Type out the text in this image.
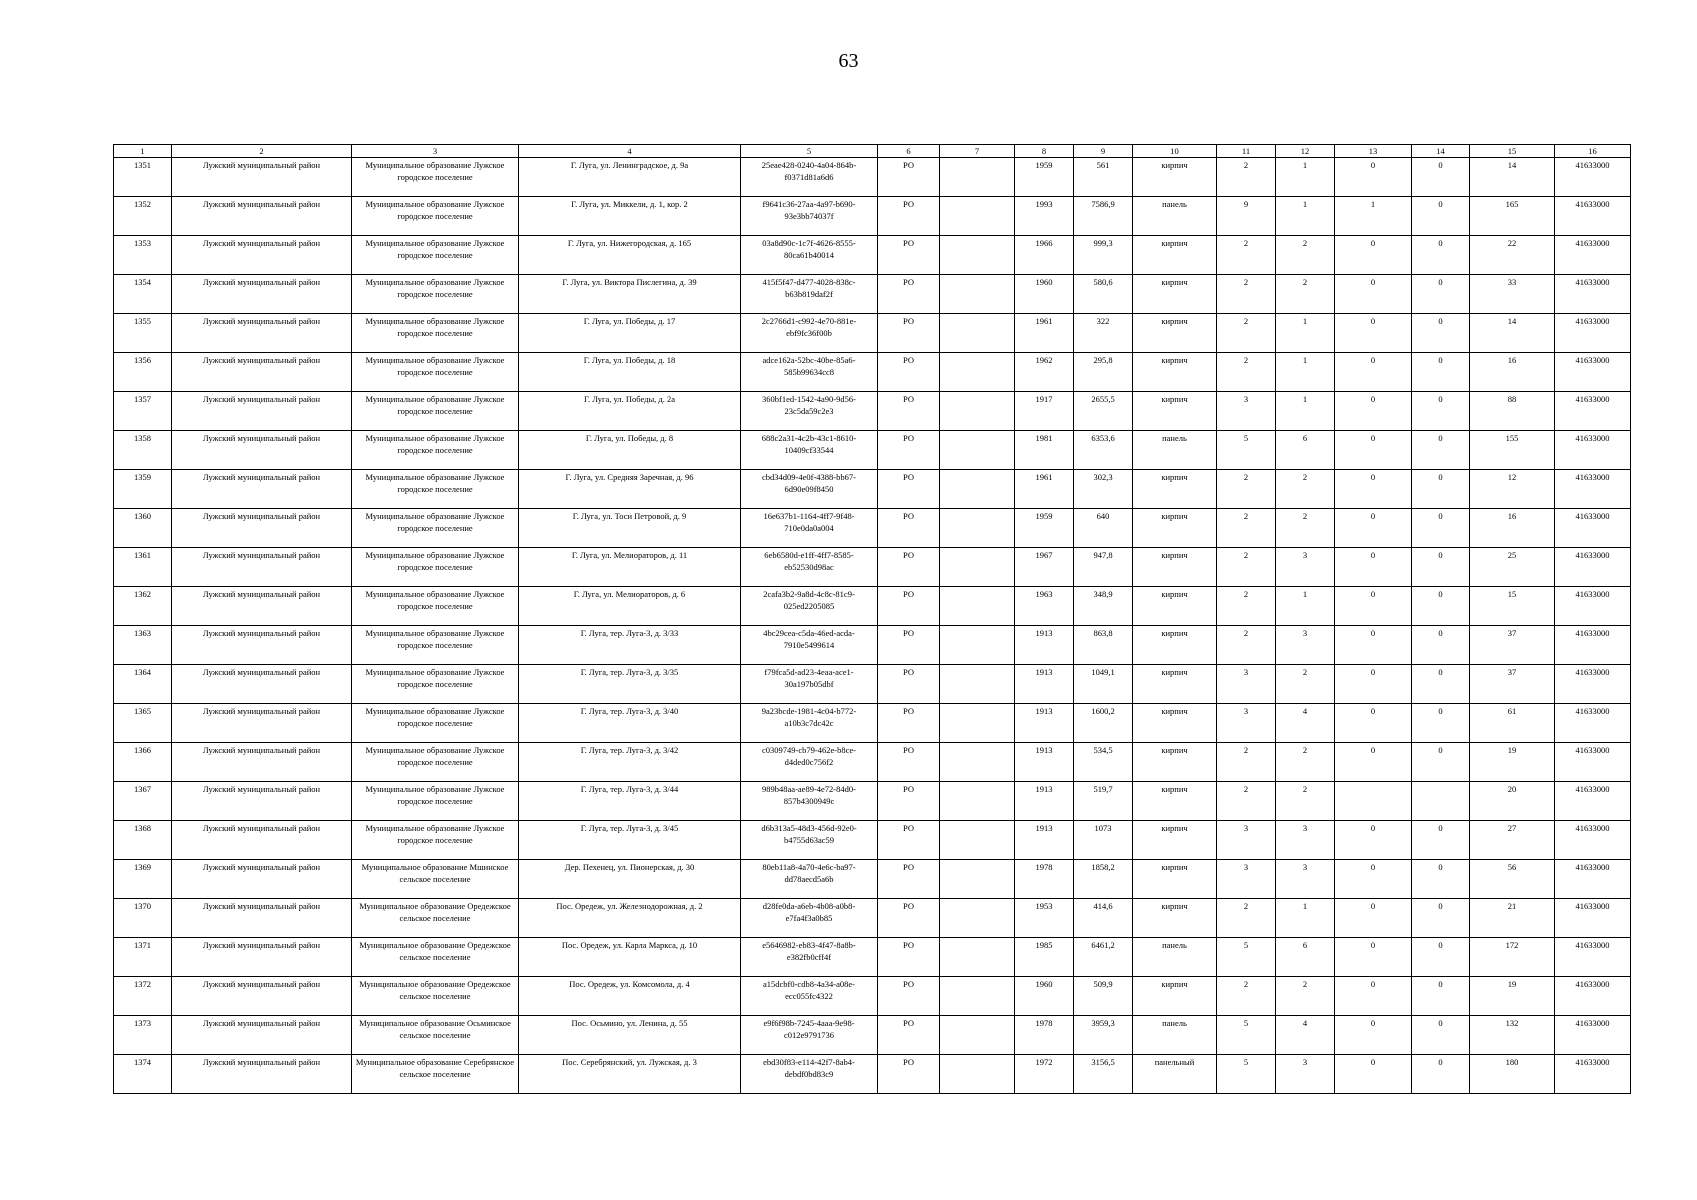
63
1	2	3	4	5	6	7	8	9	10	11	12	13	14	15	16
1351	Лужский муниципальный район	Муниципальное образование Лужское городское поселение	Г. Луга, ул. Ленинградское, д. 9а	25eae428-0240-4a04-864b-f0371d81a6d6	РО		1959	561	кирпич	2	1	0	0	14	41633000
1352	Лужский муниципальный район	Муниципальное образование Лужское городское поселение	Г. Луга, ул. Миккели, д. 1, кор. 2	f9641c36-27aa-4a97-b690-93e3bb74037f	РО		1993	7586,9	панель	9	1	1	0	165	41633000
1353	Лужский муниципальный район	Муниципальное образование Лужское городское поселение	Г. Луга, ул. Нижегородская, д. 165	03a8d90c-1c7f-4626-8555-80ca61b40014	РО		1966	999,3	кирпич	2	2	0	0	22	41633000
1354	Лужский муниципальный район	Муниципальное образование Лужское городское поселение	Г. Луга, ул. Виктора Пислегина, д. 39	415f5f47-d477-4028-838c-b63b819daf2f	РО		1960	580,6	кирпич	2	2	0	0	33	41633000
1355	Лужский муниципальный район	Муниципальное образование Лужское городское поселение	Г. Луга, ул. Победы, д. 17	2c2766d1-c992-4e70-881e-ebf9fc36f00b	РО		1961	322	кирпич	2	1	0	0	14	41633000
1356	Лужский муниципальный район	Муниципальное образование Лужское городское поселение	Г. Луга, ул. Победы, д. 18	adce162a-52bc-40be-85a6-585b99634cc8	РО		1962	295,8	кирпич	2	1	0	0	16	41633000
1357	Лужский муниципальный район	Муниципальное образование Лужское городское поселение	Г. Луга, ул. Победы, д. 2а	360bf1ed-1542-4a90-9d56-23c5da59c2e3	РО		1917	2655,5	кирпич	3	1	0	0	88	41633000
1358	Лужский муниципальный район	Муниципальное образование Лужское городское поселение	Г. Луга, ул. Победы, д. 8	688c2a31-4c2b-43c1-8610-10409cf33544	РО		1981	6353,6	панель	5	6	0	0	155	41633000
1359	Лужский муниципальный район	Муниципальное образование Лужское городское поселение	Г. Луга, ул. Средняя Заречная, д. 96	cbd34d09-4e0f-4388-bb67-6d90e09f8450	РО		1961	302,3	кирпич	2	2	0	0	12	41633000
1360	Лужский муниципальный район	Муниципальное образование Лужское городское поселение	Г. Луга, ул. Тоси Петровой, д. 9	16e637b1-1164-4ff7-9f48-710e0da0a004	РО		1959	640	кирпич	2	2	0	0	16	41633000
1361	Лужский муниципальный район	Муниципальное образование Лужское городское поселение	Г. Луга, ул. Мелиораторов, д. 11	6eb6580d-e1ff-4ff7-8585-eb52530d98ac	РО		1967	947,8	кирпич	2	3	0	0	25	41633000
1362	Лужский муниципальный район	Муниципальное образование Лужское городское поселение	Г. Луга, ул. Мелиораторов, д. 6	2cafa3b2-9a8d-4c8c-81c9-025ed2205085	РО		1963	348,9	кирпич	2	1	0	0	15	41633000
1363	Лужский муниципальный район	Муниципальное образование Лужское городское поселение	Г. Луга, тер. Луга-3, д. 3/33	4bc29cea-c5da-46ed-acda-7910e5499614	РО		1913	863,8	кирпич	2	3	0	0	37	41633000
1364	Лужский муниципальный район	Муниципальное образование Лужское городское поселение	Г. Луга, тер. Луга-3, д. 3/35	f79fca5d-ad23-4eaa-ace1-30a197b05dbf	РО		1913	1049,1	кирпич	3	2	0	0	37	41633000
1365	Лужский муниципальный район	Муниципальное образование Лужское городское поселение	Г. Луга, тер. Луга-3, д. 3/40	9a23bcde-1981-4c04-b772-a10b3c7dc42c	РО		1913	1600,2	кирпич	3	4	0	0	61	41633000
1366	Лужский муниципальный район	Муниципальное образование Лужское городское поселение	Г. Луга, тер. Луга-3, д. 3/42	c0309749-cb79-462e-b8ce-d4ded0c756f2	РО		1913	534,5	кирпич	2	2	0	0	19	41633000
1367	Лужский муниципальный район	Муниципальное образование Лужское городское поселение	Г. Луга, тер. Луга-3, д. 3/44	989b48aa-ae89-4e72-84d0-857b4300949c	РО		1913	519,7	кирпич	2	2			20	41633000
1368	Лужский муниципальный район	Муниципальное образование Лужское городское поселение	Г. Луга, тер. Луга-3, д. 3/45	d6b313a5-48d3-456d-92e0-b4755d63ac59	РО		1913	1073	кирпич	3	3	0	0	27	41633000
1369	Лужский муниципальный район	Муниципальное образование Мшинское сельское поселение	Дер. Пехенец, ул. Пионерская, д. 30	80eb11a8-4a70-4e6c-ba97-dd78aecd5a6b	РО		1978	1858,2	кирпич	3	3	0	0	56	41633000
1370	Лужский муниципальный район	Муниципальное образование Оредежское сельское поселение	Пос. Оредеж, ул. Железнодорожная, д. 2	d28fe0da-a6eb-4b08-a0b8-e7fa4f3a0b85	РО		1953	414,6	кирпич	2	1	0	0	21	41633000
1371	Лужский муниципальный район	Муниципальное образование Оредежское сельское поселение	Пос. Оредеж, ул. Карла Маркса, д. 10	e5646982-eb83-4f47-8a8b-e382fb0cff4f	РО		1985	6461,2	панель	5	6	0	0	172	41633000
1372	Лужский муниципальный район	Муниципальное образование Оредежское сельское поселение	Пос. Оредеж, ул. Комсомола, д. 4	a15dcbf0-cdb8-4a34-a08e-ecc055fc4322	РО		1960	509,9	кирпич	2	2	0	0	19	41633000
1373	Лужский муниципальный район	Муниципальное образование Осьминское сельское поселение	Пос. Осьмино, ул. Ленина, д. 55	e9f6f98b-7245-4aaa-9e98-c012e9791736	РО		1978	3959,3	панель	5	4	0	0	132	41633000
1374	Лужский муниципальный район	Муниципальное образование Серебрянское сельское поселение	Пос. Серебрянский, ул. Лужская, д. 3	ebd30f83-e114-42f7-8ab4-debdf0bd83c9	РО		1972	3156,5	панельный	5	3	0	0	180	41633000
